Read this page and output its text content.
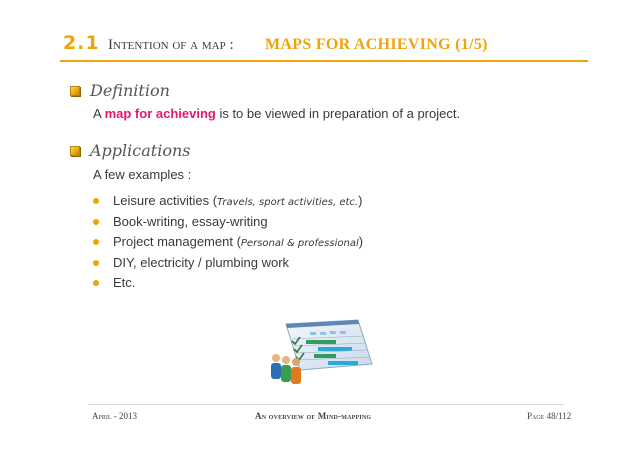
2.1 Intention of a map : MAPS FOR ACHIEVING (1/5)
Definition
A map for achieving is to be viewed in preparation of a project.
Applications
A few examples :
Leisure activities (Travels, sport activities, etc.)
Book-writing, essay-writing
Project management (Personal & professional)
DIY, electricity / plumbing work
Etc.
April - 2013	An overview of Mind-mapping	Page 48/112
